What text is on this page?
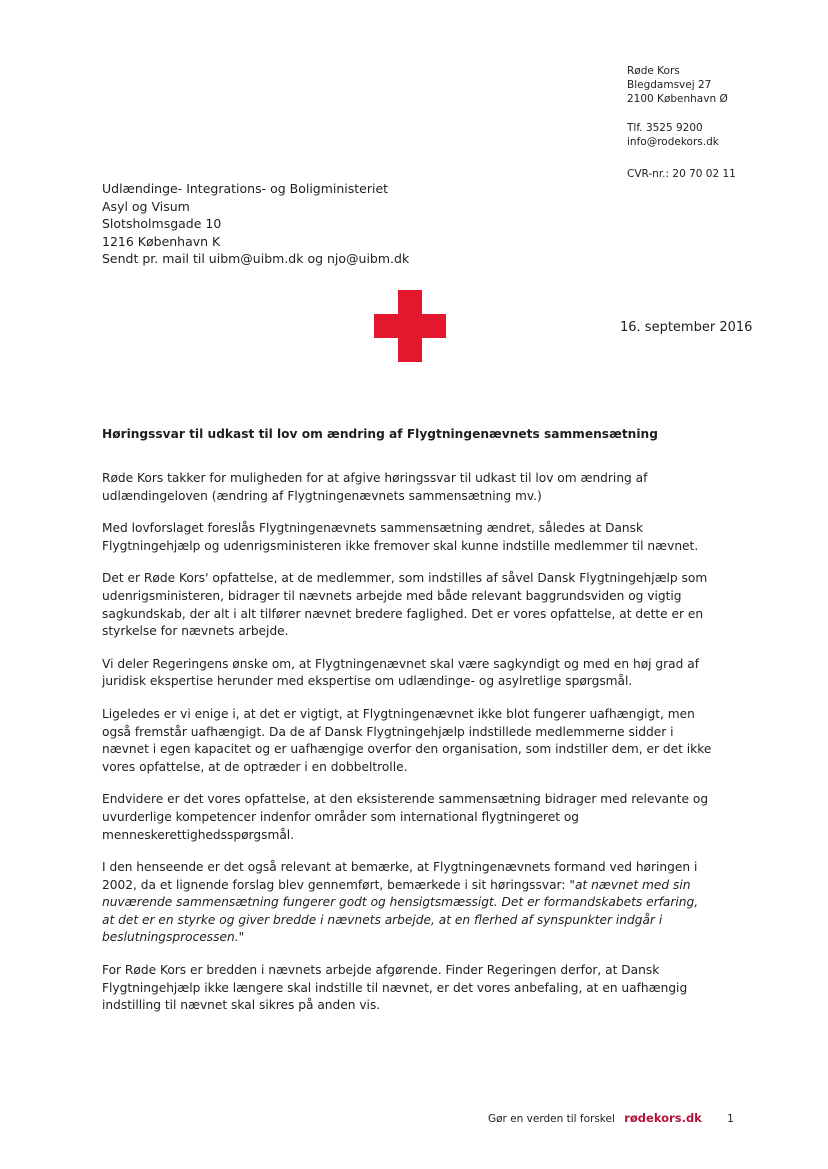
Røde Kors
Blegdamsvej 27
2100 København Ø
Tlf. 3525 9200
info@rodekors.dk
CVR-nr.: 20 70 02 11
Udlændinge- Integrations- og Boligministeriet
Asyl og Visum
Slotsholmsgade 10
1216 København K
Sendt pr. mail til uibm@uibm.dk og njo@uibm.dk
16. september 2016
Høringssvar til udkast til lov om ændring af Flygtningenævnets sammensætning

Røde Kors takker for muligheden for at afgive høringssvar til udkast til lov om ændring af udlændingeloven (ændring af Flygtningenævnets sammensætning mv.)

Med lovforslaget foreslås Flygtningenævnets sammensætning ændret, således at Dansk Flygtningehjælp og udenrigsministeren ikke fremover skal kunne indstille medlemmer til nævnet.

Det er Røde Kors' opfattelse, at de medlemmer, som indstilles af såvel Dansk Flygtningehjælp som udenrigsministeren, bidrager til nævnets arbejde med både relevant baggrundsviden og vigtig sagkundskab, der alt i alt tilfører nævnet bredere faglighed. Det er vores opfattelse, at dette er en styrkelse for nævnets arbejde.

Vi deler Regeringens ønske om, at Flygtningenævnet skal være sagkyndigt og med en høj grad af juridisk ekspertise herunder med ekspertise om udlændinge- og asylretlige spørgsmål.

Ligeledes er vi enige i, at det er vigtigt, at Flygtningenævnet ikke blot fungerer uafhængigt, men også fremstår uafhængigt. Da de af Dansk Flygtningehjælp indstillede medlemmerne sidder i nævnet i egen kapacitet og er uafhængige overfor den organisation, som indstiller dem, er det ikke vores opfattelse, at de optræder i en dobbeltrolle.

Endvidere er det vores opfattelse, at den eksisterende sammensætning bidrager med relevante og uvurderlige kompetencer indenfor områder som international flygtningeret og menneskerettighedsspørgsmål.

I den henseende er det også relevant at bemærke, at Flygtningenævnets formand ved høringen i 2002, da et lignende forslag blev gennemført, bemærkede i sit høringssvar: "at nævnet med sin nuværende sammensætning fungerer godt og hensigtsmæssigt. Det er formandskabets erfaring, at det er en styrke og giver bredde i nævnets arbejde, at en flerhed af synspunkter indgår i beslutningsprocessen."

For Røde Kors er bredden i nævnets arbejde afgørende. Finder Regeringen derfor, at Dansk Flygtningehjælp ikke længere skal indstille til nævnet, er det vores anbefaling, at en uafhængig indstilling til nævnet skal sikres på anden vis.

Gør en verden til forskel rødekors.dk 1
